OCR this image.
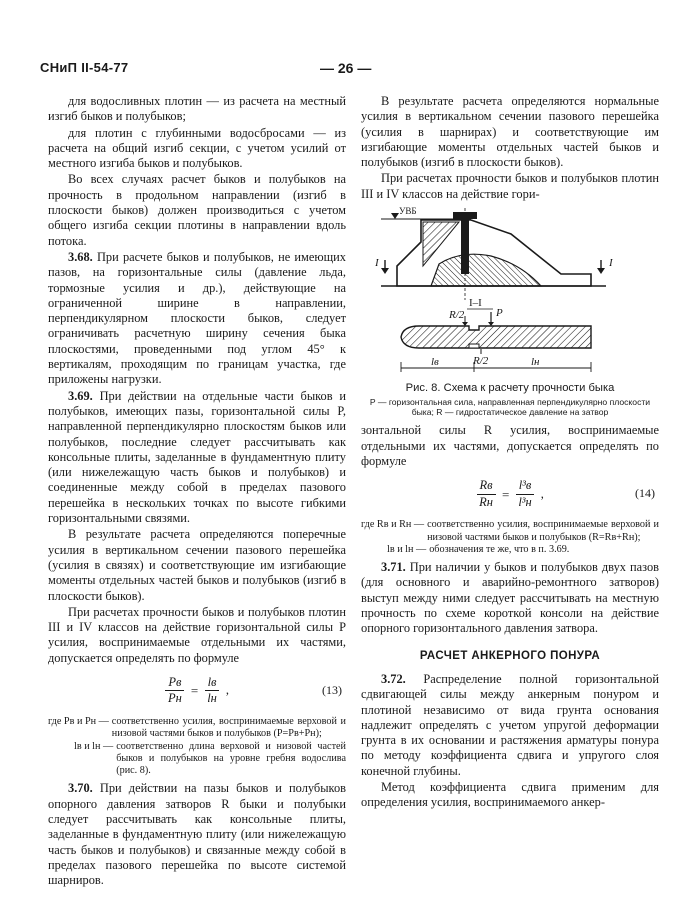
СНиП II-54-77	— 26 —

для водосливных плотин — из расчета на местный изгиб быков и полубыков;

для плотин с глубинными водосбросами — из расчета на общий изгиб секции, с учетом усилий от местного изгиба быков и полубыков.

Во всех случаях расчет быков и полубыков на прочность в продольном направлении (изгиб в плоскости быков) должен производиться с учетом общего изгиба секции плотины в направлении вдоль потока.

3.68. При расчете быков и полубыков, не имеющих пазов, на горизонтальные силы (давление льда, тормозные усилия и др.), действующие на ограниченной ширине в направлении, перпендикулярном плоскости быков, следует ограничивать расчетную ширину сечения быка плоскостями, проведенными под углом 45° к вертикалям, проходящим по границам участка, где приложены нагрузки.

3.69. При действии на отдельные части быков и полубыков, имеющих пазы, горизонтальной силы P, направленной перпендикулярно плоскостям быков или полубыков, последние следует рассчитывать как консольные плиты, заделанные в фундаментную плиту (или нижележащую часть быков и полубыков) и соединенные между собой в пределах пазового перешейка в нескольких точках по высоте гибкими горизонтальными связями.

В результате расчета определяются поперечные усилия в вертикальном сечении пазового перешейка (усилия в связях) и соответствующие им изгибающие моменты отдельных частей быков и полубыков (изгиб в плоскости быков).

При расчетах прочности быков и полубыков плотин III и IV классов на действие горизонтальной силы P усилия, воспринимаемые отдельными их частями, допускается определять по формуле

$\frac{Pв}{Pн} = \frac{lв}{lн}$ ,	(13)
где Pв и Pн — соответственно усилия, воспринимаемые верховой и низовой частями быков и полубыков (P=Pв+Pн);
lв и lн — соответственно длина верховой и низовой частей быков и полубыков на уровне гребня водослива (рис. 8).

3.70. При действии на пазы быков и полубыков опорного давления затворов R быки и полубыки следует рассчитывать как консольные плиты, заделанные в фундаментную плиту (или нижележащую часть быков и полубыков) и связанные между собой в пределах пазового перешейка по высоте системой шарниров.

В результате расчета определяются нормальные усилия в вертикальном сечении пазового перешейка (усилия в шарнирах) и соответствующие им изгибающие моменты отдельных частей быков и полубыков (изгиб в плоскости быков).

При расчетах прочности быков и полубыков плотин III и IV классов на действие гори-

УВБ
I	I
I–I
R/2
R/2
P
lв	lн
Рис. 8. Схема к расчету прочности быка
P — горизонтальная сила, направленная перпендикулярно плоскости быка; R — гидростатическое давление на затвор

зонтальной силы R усилия, воспринимаемые отдельными их частями, допускается определять по формуле

$\frac{Rв}{Rн} = \frac{\text{l³в}}{\text{l³н}}$ ,	(14)
где Rв и Rн — соответственно усилия, воспринимаемые верховой и низовой частями быков и полубыков (R=Rв+Rн);
lв и lн — обозначения те же, что в п. 3.69.

3.71. При наличии у быков и полубыков двух пазов (для основного и аварийно-ремонтного затворов) выступ между ними следует рассчитывать на местную прочность по схеме короткой консоли на действие опорного горизонтального давления затвора.

РАСЧЕТ АНКЕРНОГО ПОНУРА

3.72. Распределение полной горизонтальной сдвигающей силы между анкерным понуром и плотиной независимо от вида грунта основания надлежит определять с учетом упругой деформации грунта в их основании и растяжения арматуры понура по методу коэффициента сдвига и упругого слоя конечной глубины.

Метод коэффициента сдвига применим для определения усилия, воспринимаемого анкер-
